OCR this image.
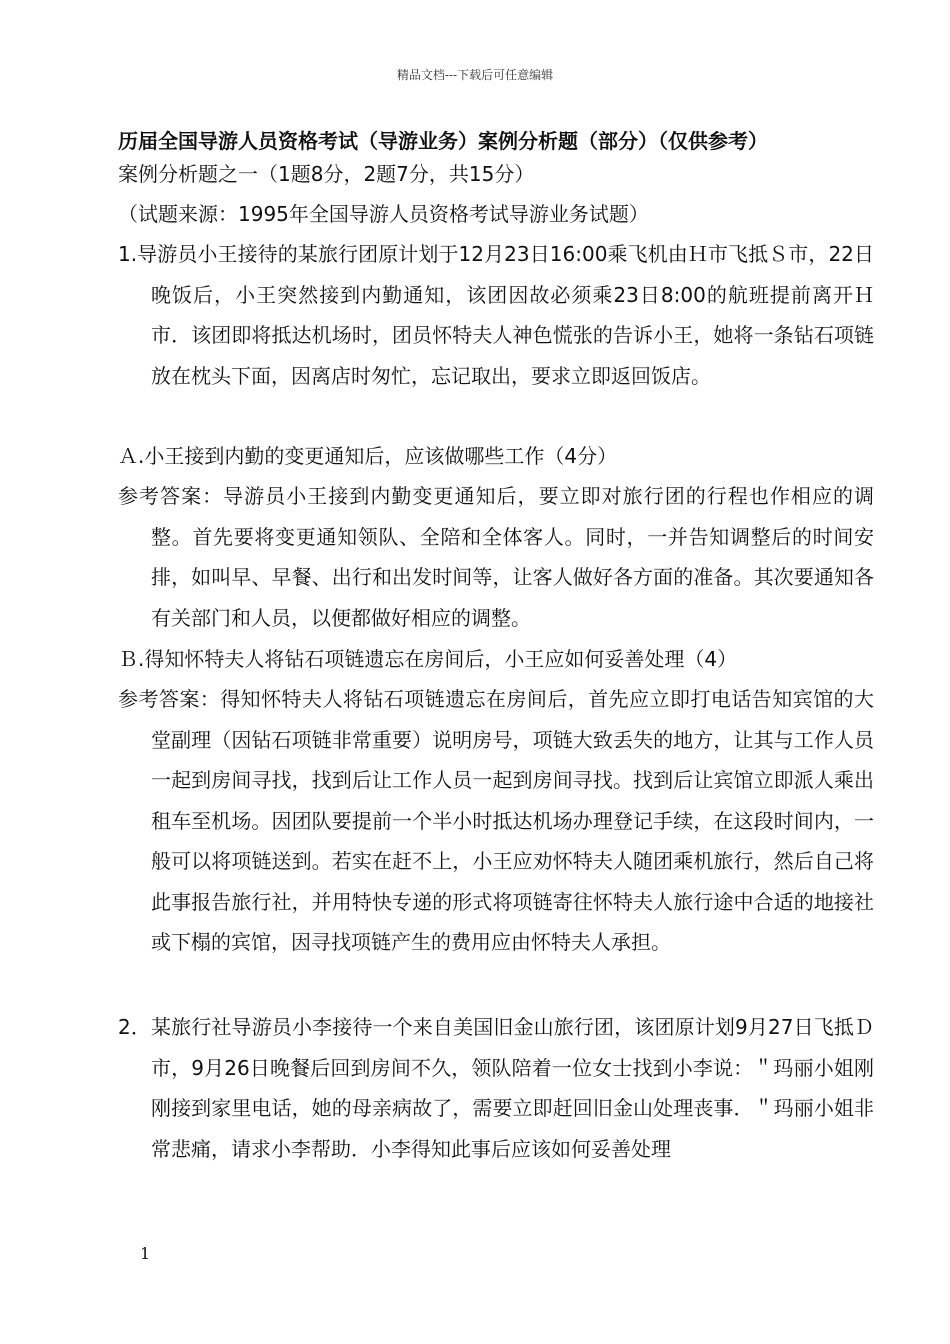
精品文档---下载后可任意编辑
历届全国导游人员资格考试（导游业务）案例分析题（部分）（仅供参考）
案例分析题之一（1题8分，2题7分，共15分）
（试题来源：1995年全国导游人员资格考试导游业务试题）
1.导游员小王接待的某旅行团原计划于12月23日16:00乘飞机由Ｈ市飞抵Ｓ市，22日晚饭后，小王突然接到内勤通知，该团因故必须乘23日8:00的航班提前离开Ｈ市．该团即将抵达机场时，团员怀特夫人神色慌张的告诉小王，她将一条钻石项链放在枕头下面，因离店时匆忙，忘记取出，要求立即返回饭店。
Ａ.小王接到内勤的变更通知后，应该做哪些工作（4分）
参考答案：导游员小王接到内勤变更通知后，要立即对旅行团的行程也作相应的调整。首先要将变更通知领队、全陪和全体客人。同时，一并告知调整后的时间安排，如叫早、早餐、出行和出发时间等，让客人做好各方面的准备。其次要通知各有关部门和人员，以便都做好相应的调整。
Ｂ.得知怀特夫人将钻石项链遗忘在房间后，小王应如何妥善处理（4）
参考答案：得知怀特夫人将钻石项链遗忘在房间后，首先应立即打电话告知宾馆的大堂副理（因钻石项链非常重要）说明房号，项链大致丢失的地方，让其与工作人员一起到房间寻找，找到后让工作人员一起到房间寻找。找到后让宾馆立即派人乘出租车至机场。因团队要提前一个半小时抵达机场办理登记手续，在这段时间内，一般可以将项链送到。若实在赶不上，小王应劝怀特夫人随团乘机旅行，然后自己将此事报告旅行社，并用特快专递的形式将项链寄往怀特夫人旅行途中合适的地接社或下榻的宾馆，因寻找项链产生的费用应由怀特夫人承担。
2．某旅行社导游员小李接待一个来自美国旧金山旅行团，该团原计划9月27日飞抵Ｄ市，9月26日晚餐后回到房间不久，领队陪着一位女士找到小李说：＂玛丽小姐刚刚接到家里电话，她的母亲病故了，需要立即赶回旧金山处理丧事．＂玛丽小姐非常悲痛，请求小李帮助．小李得知此事后应该如何妥善处理
1
